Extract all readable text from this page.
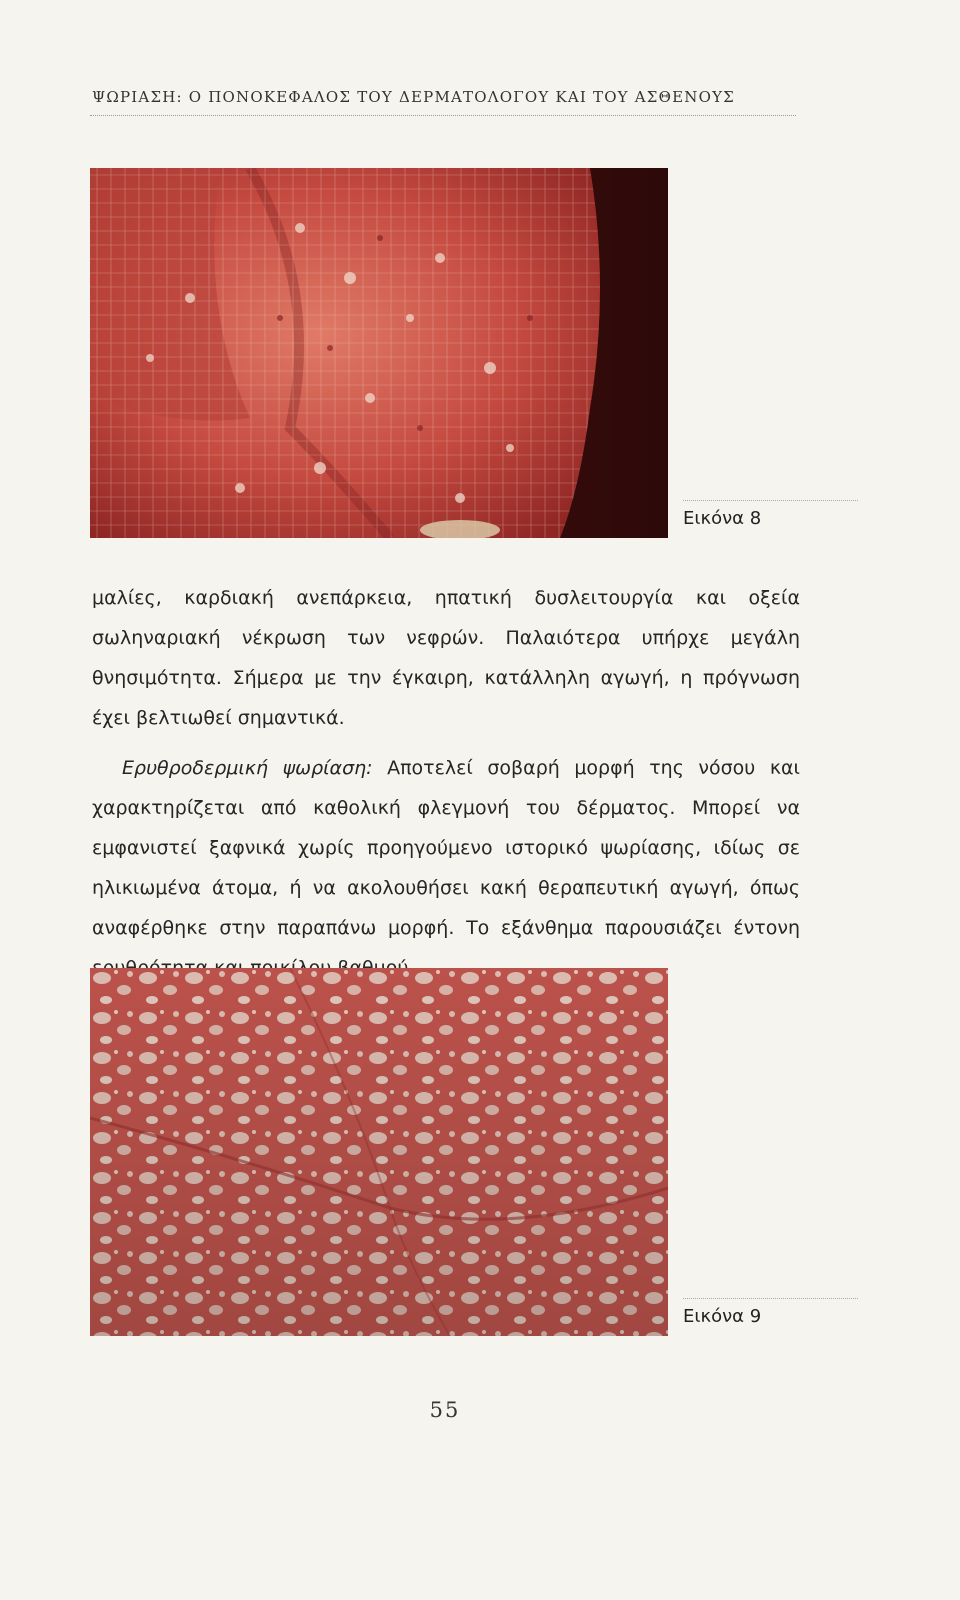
ΨΩΡΙΑΣΗ: Ο ΠΟΝΟΚΕΦΑΛΟΣ ΤΟΥ ΔΕΡΜΑΤΟΛΟΓΟΥ ΚΑΙ ΤΟΥ ΑΣΘΕΝΟΥΣ
Εικόνα 8

μαλίες, καρδιακή ανεπάρκεια, ηπατική δυσλειτουργία και οξεία σωληναριακή νέκρωση των νεφρών. Παλαιότερα υπήρχε μεγάλη θνησιμότητα. Σήμερα με την έγκαιρη, κατάλληλη αγωγή, η πρόγνωση έχει βελτιωθεί σημαντικά.

Ερυθροδερμική ψωρίαση: Αποτελεί σοβαρή μορφή της νόσου και χαρακτηρίζεται από καθολική φλεγμονή του δέρματος. Μπορεί να εμφανιστεί ξαφνικά χωρίς προηγούμενο ιστορικό ψωρίασης, ιδίως σε ηλικιωμένα άτομα, ή να ακολουθήσει κακή θεραπευτική αγωγή, όπως αναφέρθηκε στην παραπάνω μορφή. Το εξάνθημα παρουσιάζει έντονη

Εικόνα 9
55
